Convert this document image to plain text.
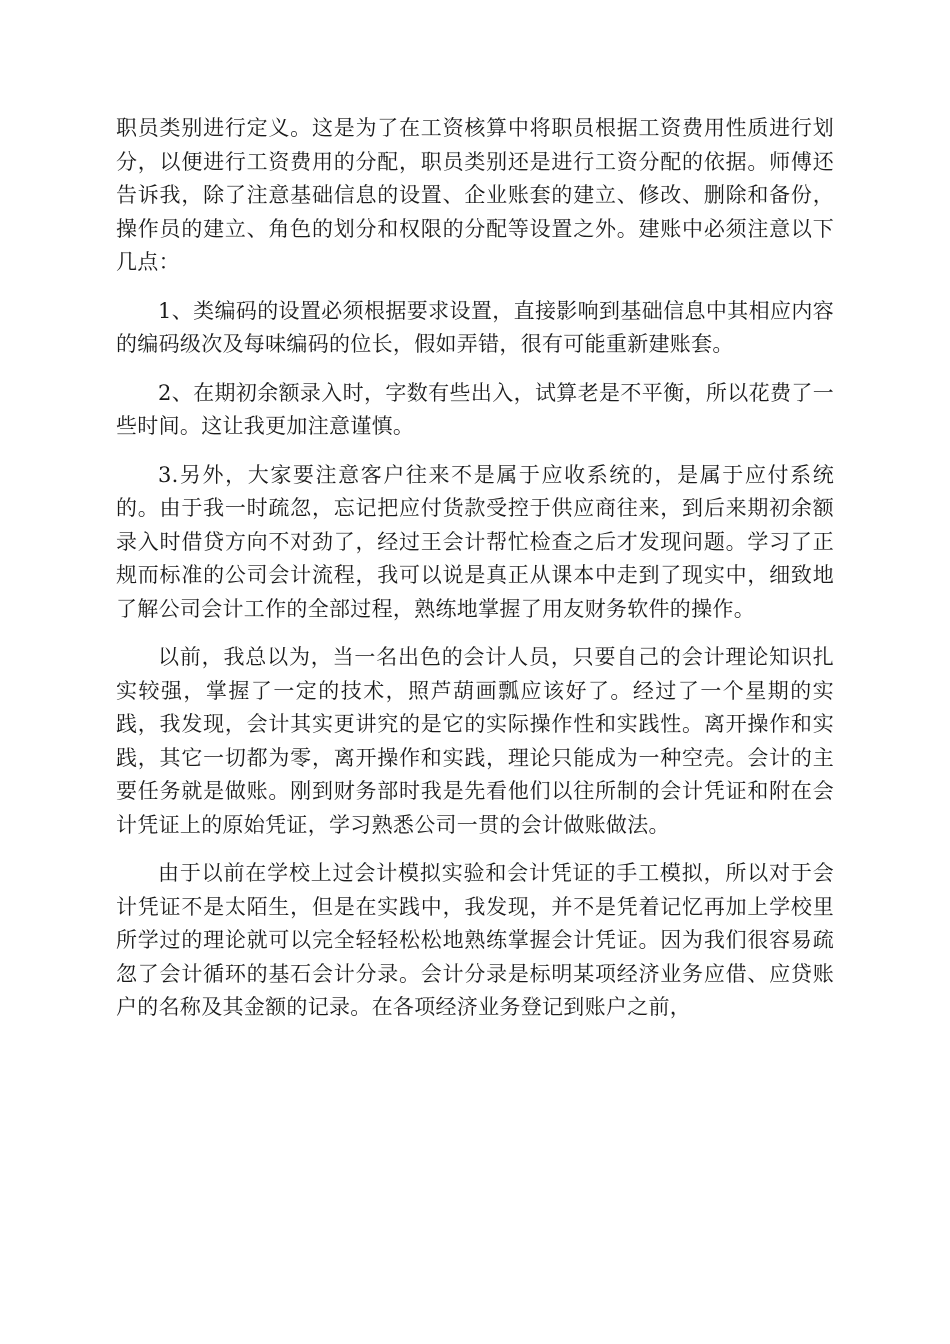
职员类别进行定义。这是为了在工资核算中将职员根据工资费用性质进行划分，以便进行工资费用的分配，职员类别还是进行工资分配的依据。师傅还告诉我，除了注意基础信息的设置、企业账套的建立、修改、删除和备份，操作员的建立、角色的划分和权限的分配等设置之外。建账中必须注意以下几点：

1、类编码的设置必须根据要求设置，直接影响到基础信息中其相应内容的编码级次及每味编码的位长，假如弄错，很有可能重新建账套。

2、在期初余额录入时，字数有些出入，试算老是不平衡，所以花费了一些时间。这让我更加注意谨慎。

3.另外，大家要注意客户往来不是属于应收系统的，是属于应付系统的。由于我一时疏忽，忘记把应付货款受控于供应商往来，到后来期初余额录入时借贷方向不对劲了，经过王会计帮忙检查之后才发现问题。学习了正规而标准的公司会计流程，我可以说是真正从课本中走到了现实中，细致地了解公司会计工作的全部过程，熟练地掌握了用友财务软件的操作。

以前，我总以为，当一名出色的会计人员，只要自己的会计理论知识扎实较强，掌握了一定的技术，照芦葫画瓢应该好了。经过了一个星期的实践，我发现，会计其实更讲究的是它的实际操作性和实践性。离开操作和实践，其它一切都为零，离开操作和实践，理论只能成为一种空壳。会计的主要任务就是做账。刚到财务部时我是先看他们以往所制的会计凭证和附在会计凭证上的原始凭证，学习熟悉公司一贯的会计做账做法。

由于以前在学校上过会计模拟实验和会计凭证的手工模拟，所以对于会计凭证不是太陌生，但是在实践中，我发现，并不是凭着记忆再加上学校里所学过的理论就可以完全轻轻松松地熟练掌握会计凭证。因为我们很容易疏忽了会计循环的基石会计分录。会计分录是标明某项经济业务应借、应贷账户的名称及其金额的记录。在各项经济业务登记到账户之前，
